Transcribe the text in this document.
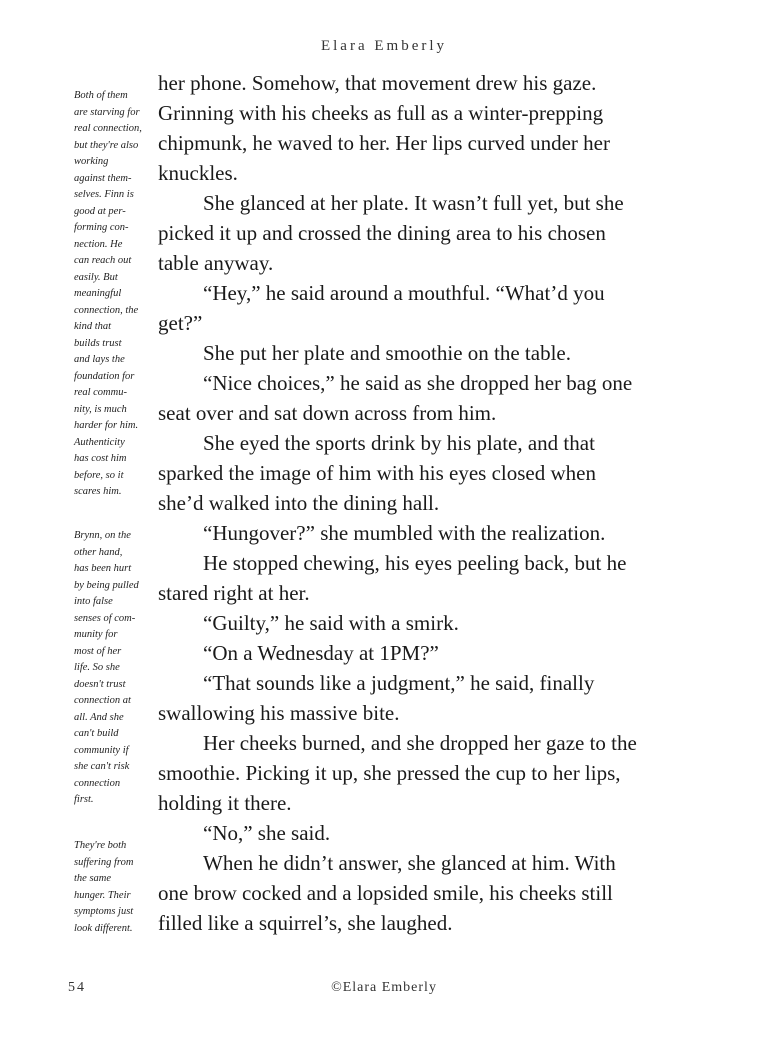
Elara Emberly
Both of them
are starving for
real connection,
but they're also
working
against them-
selves. Finn is
good at per-
forming con-
nection. He
can reach out
easily. But
meaningful
connection, the
kind that
builds trust
and lays the
foundation for
real commu-
nity, is much
harder for him.
Authenticity
has cost him
before, so it
scares him.
Brynn, on the
other hand,
has been hurt
by being pulled
into false
senses of com-
munity for
most of her
life. So she
doesn't trust
connection at
all. And she
can't build
community if
she can't risk
connection
first.
They're both
suffering from
the same
hunger. Their
symptoms just
look different.

her phone. Somehow, that movement drew his gaze.
Grinning with his cheeks as full as a winter-prepping
chipmunk, he waved to her. Her lips curved under her
knuckles.

She glanced at her plate. It wasn’t full yet, but she
picked it up and crossed the dining area to his chosen
table anyway.

“Hey,” he said around a mouthful. “What’d you
get?”

She put her plate and smoothie on the table.

“Nice choices,” he said as she dropped her bag one
seat over and sat down across from him.

She eyed the sports drink by his plate, and that
sparked the image of him with his eyes closed when
she’d walked into the dining hall.

“Hungover?” she mumbled with the realization.

He stopped chewing, his eyes peeling back, but he
stared right at her.

“Guilty,” he said with a smirk.

“On a Wednesday at 1PM?”

“That sounds like a judgment,” he said, finally
swallowing his massive bite.

Her cheeks burned, and she dropped her gaze to the
smoothie. Picking it up, she pressed the cup to her lips,
holding it there.

“No,” she said.

When he didn’t answer, she glanced at him. With
one brow cocked and a lopsided smile, his cheeks still
filled like a squirrel’s, she laughed.

54	©Elara Emberly
